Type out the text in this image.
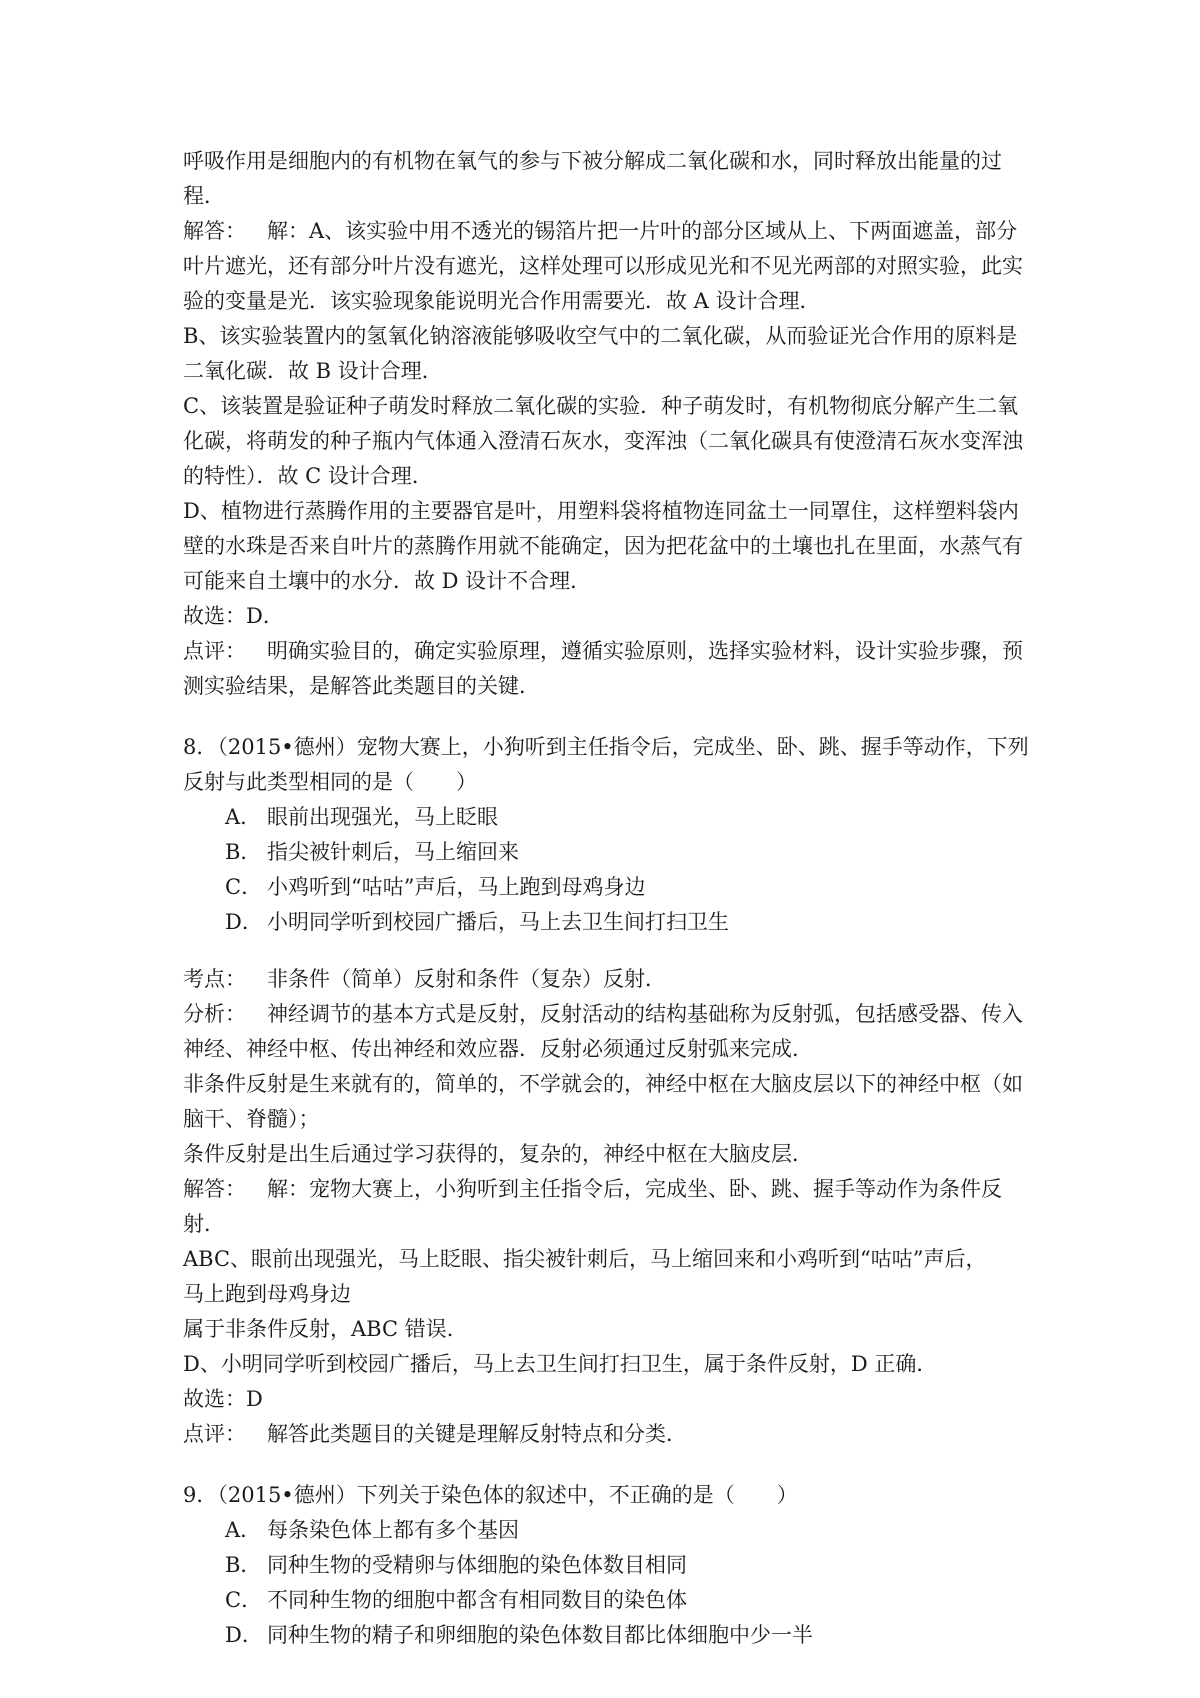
呼吸作用是细胞内的有机物在氧气的参与下被分解成二氧化碳和水，同时释放出能量的过程．

解答： 解：A、该实验中用不透光的锡箔片把一片叶的部分区域从上、下两面遮盖，部分叶片遮光，还有部分叶片没有遮光，这样处理可以形成见光和不见光两部的对照实验，此实验的变量是光．该实验现象能说明光合作用需要光．故 A 设计合理．

B、该实验装置内的氢氧化钠溶液能够吸收空气中的二氧化碳，从而验证光合作用的原料是二氧化碳．故 B 设计合理．

C、该装置是验证种子萌发时释放二氧化碳的实验．种子萌发时，有机物彻底分解产生二氧化碳，将萌发的种子瓶内气体通入澄清石灰水，变浑浊（二氧化碳具有使澄清石灰水变浑浊的特性）．故 C 设计合理．

D、植物进行蒸腾作用的主要器官是叶，用塑料袋将植物连同盆土一同罩住，这样塑料袋内壁的水珠是否来自叶片的蒸腾作用就不能确定，因为把花盆中的土壤也扎在里面，水蒸气有可能来自土壤中的水分．故 D 设计不合理．

故选：D．

点评： 明确实验目的，确定实验原理，遵循实验原则，选择实验材料，设计实验步骤，预测实验结果，是解答此类题目的关键．

8．（2015•德州）宠物大赛上，小狗听到主任指令后，完成坐、卧、跳、握手等动作，下列反射与此类型相同的是（　　）

A． 眼前出现强光，马上眨眼

B． 指尖被针刺后，马上缩回来

C． 小鸡听到“咕咕”声后，马上跑到母鸡身边

D． 小明同学听到校园广播后，马上去卫生间打扫卫生

考点： 非条件（简单）反射和条件（复杂）反射．

分析： 神经调节的基本方式是反射，反射活动的结构基础称为反射弧，包括感受器、传入神经、神经中枢、传出神经和效应器．反射必须通过反射弧来完成．

非条件反射是生来就有的，简单的，不学就会的，神经中枢在大脑皮层以下的神经中枢（如脑干、脊髓）；

条件反射是出生后通过学习获得的，复杂的，神经中枢在大脑皮层．

解答： 解：宠物大赛上，小狗听到主任指令后，完成坐、卧、跳、握手等动作为条件反射．

ABC、眼前出现强光，马上眨眼、指尖被针刺后，马上缩回来和小鸡听到“咕咕”声后，

马上跑到母鸡身边

属于非条件反射，ABC 错误．

D、小明同学听到校园广播后，马上去卫生间打扫卫生，属于条件反射，D 正确．

故选：D

点评： 解答此类题目的关键是理解反射特点和分类．

9．（2015•德州）下列关于染色体的叙述中，不正确的是（　　）

A． 每条染色体上都有多个基因

B． 同种生物的受精卵与体细胞的染色体数目相同

C． 不同种生物的细胞中都含有相同数目的染色体

D． 同种生物的精子和卵细胞的染色体数目都比体细胞中少一半
